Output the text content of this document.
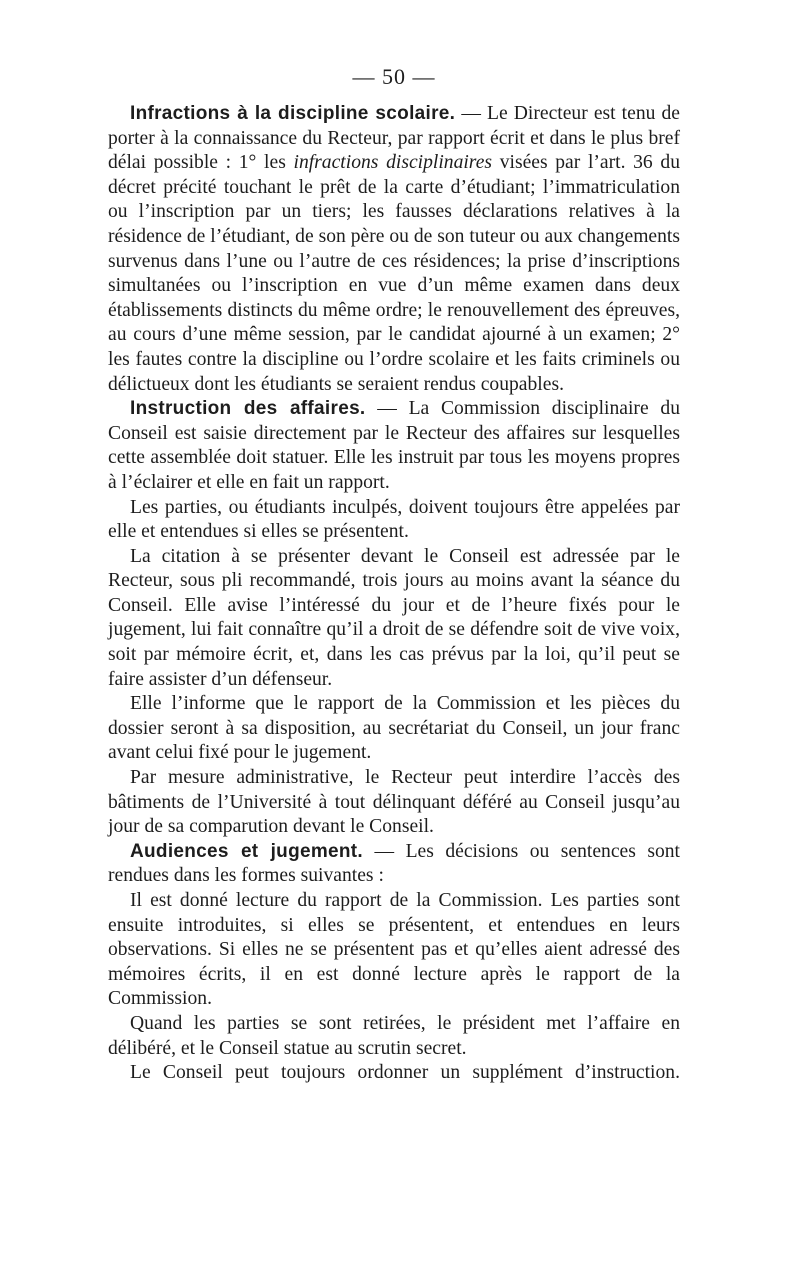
— 50 —

Infractions à la discipline scolaire. — Le Directeur est tenu de porter à la connaissance du Recteur, par rapport écrit et dans le plus bref délai possible : 1° les infractions disciplinaires visées par l’art. 36 du décret précité touchant le prêt de la carte d’étudiant; l’immatriculation ou l’inscription par un tiers; les fausses déclarations relatives à la résidence de l’étudiant, de son père ou de son tuteur ou aux changements survenus dans l’une ou l’autre de ces résidences; la prise d’inscriptions simultanées ou l’inscription en vue d’un même examen dans deux établissements distincts du même ordre; le renouvellement des épreuves, au cours d’une même session, par le candidat ajourné à un examen; 2° les fautes contre la discipline ou l’ordre scolaire et les faits criminels ou délictueux dont les étudiants se seraient rendus coupables.

Instruction des affaires. — La Commission disciplinaire du Conseil est saisie directement par le Recteur des affaires sur lesquelles cette assemblée doit statuer. Elle les instruit par tous les moyens propres à l’éclairer et elle en fait un rapport.

Les parties, ou étudiants inculpés, doivent toujours être appelées par elle et entendues si elles se présentent.

La citation à se présenter devant le Conseil est adressée par le Recteur, sous pli recommandé, trois jours au moins avant la séance du Conseil. Elle avise l’intéressé du jour et de l’heure fixés pour le jugement, lui fait connaître qu’il a droit de se défendre soit de vive voix, soit par mémoire écrit, et, dans les cas prévus par la loi, qu’il peut se faire assister d’un défenseur.

Elle l’informe que le rapport de la Commission et les pièces du dossier seront à sa disposition, au secrétariat du Conseil, un jour franc avant celui fixé pour le jugement.

Par mesure administrative, le Recteur peut interdire l’accès des bâtiments de l’Université à tout délinquant déféré au Conseil jusqu’au jour de sa comparution devant le Conseil.

Audiences et jugement. — Les décisions ou sentences sont rendues dans les formes suivantes :

Il est donné lecture du rapport de la Commission. Les parties sont ensuite introduites, si elles se présentent, et entendues en leurs observations. Si elles ne se présentent pas et qu’elles aient adressé des mémoires écrits, il en est donné lecture après le rapport de la Commission.

Quand les parties se sont retirées, le président met l’affaire en délibéré, et le Conseil statue au scrutin secret.

Le Conseil peut toujours ordonner un supplément d’instruction.
